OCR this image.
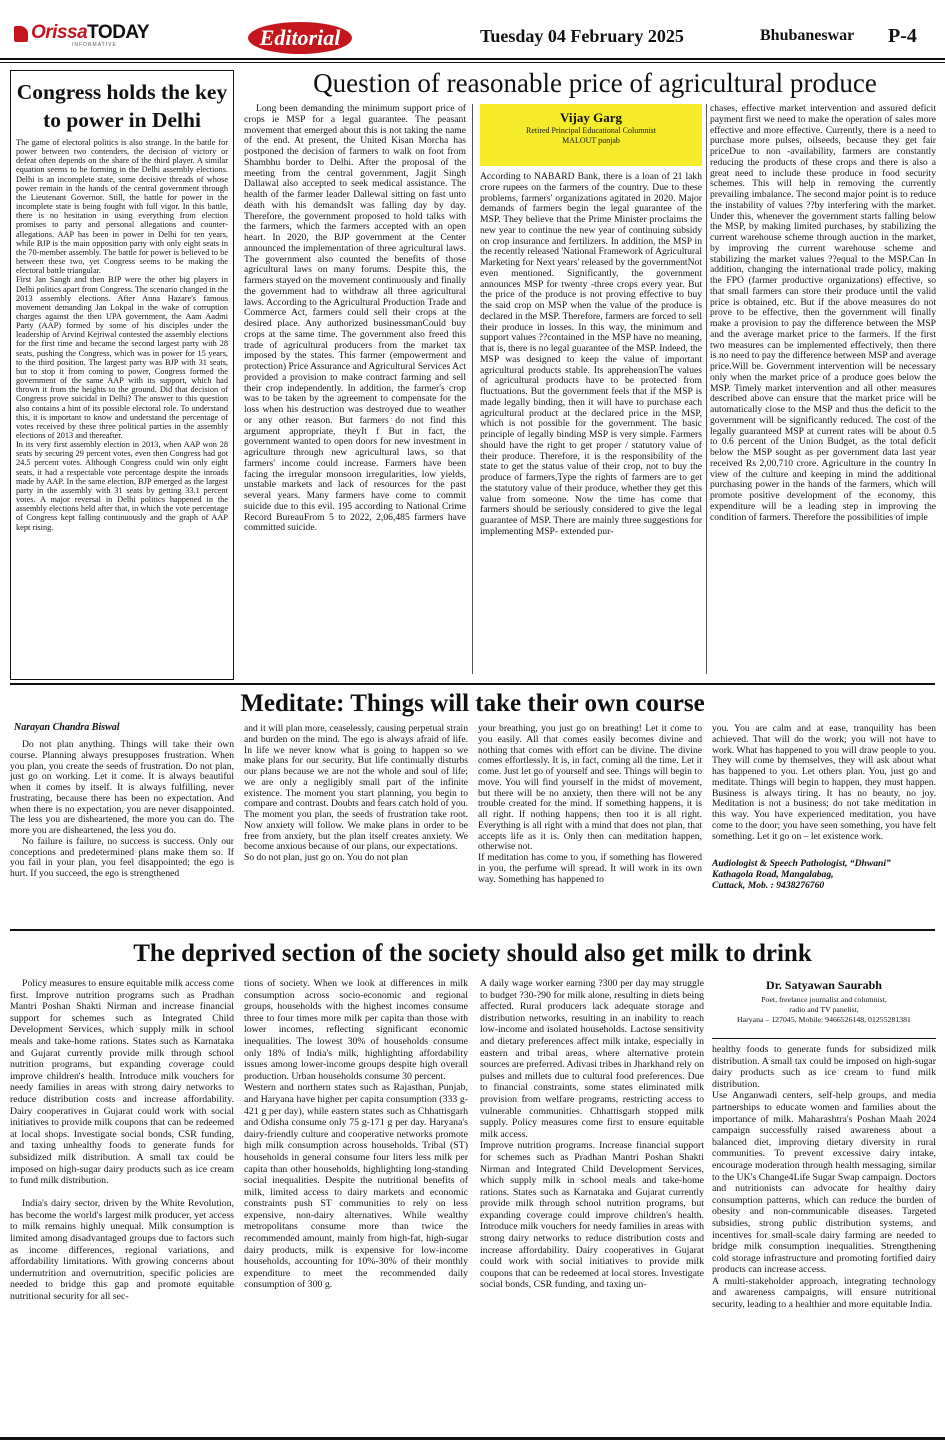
OrissaTODAY
INFORMATIVE	Editorial	Tuesday 04 February 2025	Bhubaneswar P-4
Congress holds the key to power in Delhi

The game of electoral politics is also strange. In the battle for power between two contenders, the decision of victory or defeat often depends on the share of the third player. A similar equation seems to be forming in the Delhi assembly elections. Delhi is an incomplete state, some decisive threads of whose power remain in the hands of the central government through the Lieutenant Governor. Still, the battle for power in the incomplete state is being fought with full vigor. In this battle, there is no hesitation in using everything from election promises to party and personal allegations and counter-allegations. AAP has been in power in Delhi for ten years, while BJP is the main opposition party with only eight seats in the 70-member assembly. The battle for power is believed to be between these two, yet Congress seems to be making the electoral battle triangular.

First Jan Sangh and then BJP were the other big players in Delhi politics apart from Congress. The scenario changed in the 2013 assembly elections. After Anna Hazare's famous movement demanding Jan Lokpal in the wake of corruption charges against the then UPA government, the Aam Aadmi Party (AAP) formed by some of his disciples under the leadership of Arvind Kejriwal contested the assembly elections for the first time and became the second largest party with 28 seats, pushing the Congress, which was in power for 15 years, to the third position. The largest party was BJP with 31 seats, but to stop it from coming to power, Congress formed the government of the same AAP with its support, which had thrown it from the heights to the ground. Did that decision of Congress prove suicidal in Delhi? The answer to this question also contains a hint of its possible electoral role. To understand this, it is important to know and understand the percentage of votes received by these three political parties in the assembly elections of 2013 and thereafter.

In its very first assembly election in 2013, when AAP won 28 seats by securing 29 percent votes, even then Congress had got 24.5 percent votes. Although Congress could win only eight seats, it had a respectable vote percentage despite the inroads made by AAP. In the same election, BJP emerged as the largest party in the assembly with 31 seats by getting 33.1 percent votes. A major reversal in Delhi politics happened in the assembly elections held after that, in which the vote percentage of Congress kept falling continuously and the graph of AAP kept rising.

Question of reasonable price of agricultural produce

Long been demanding the minimum support price of crops ie MSP for a legal guarantee. The peasant movement that emerged about this is not taking the name of the end. At present, the United Kisan Morcha has postponed the decision of farmers to walk on foot from Shambhu border to Delhi. After the proposal of the meeting from the central government, Jagjit Singh Dallawal also accepted to seek medical assistance. The health of the farmer leader Dallewal sitting on fast unto death with his demandsIt was falling day by day. Therefore, the government proposed to hold talks with the farmers, which the farmers accepted with an open heart. In 2020, the BJP government at the Center announced the implementation of three agricultural laws. The government also counted the benefits of those agricultural laws on many forums. Despite this, the farmers stayed on the movement continuously and finally the government had to withdraw all three agricultural laws. According to the Agricultural Production Trade and Commerce Act, farmers could sell their crops at the desired place. Any authorized businessmanCould buy crops at the same time. The government also freed this trade of agricultural producers from the market tax imposed by the states. This farmer (empowerment and protection) Price Assurance and Agricultural Services Act provided a provision to make contract farming and sell their crop independently. In addition, the farmer's crop was to be taken by the agreement to compensate for the loss when his destruction was destroyed due to weather or any other reason. But farmers do not find this argument appropriate, theyIt f But in fact, the government wanted to open doors for new investment in agriculture through new agricultural laws, so that farmers' income could increase. Farmers have been facing the irregular monsoon irregularities, low yields, unstable markets and lack of resources for the past several years. Many farmers have come to commit suicide due to this evil. 195 according to National Crime Record BureauFrom 5 to 2022, 2,06,485 farmers have committed suicide.

Vijay Garg
Retired Principal Educational Columnist
MALOUT punjab

According to NABARD Bank, there is a loan of 21 lakh crore rupees on the farmers of the country. Due to these problems, farmers' organizations agitated in 2020. Major demands of farmers begin the legal guarantee of the MSP. They believe that the Prime Minister proclaims the new year to continue the new year of continuing subsidy on crop insurance and fertilizers. In addition, the MSP in the recently released 'National Framework of Agricultural Marketing for Next years' released by the governmentNot even mentioned. Significantly, the government announces MSP for twenty -three crops every year. But the price of the produce is not proving effective to buy the said crop on MSP when the value of the produce is declared in the MSP. Therefore, farmers are forced to sell their produce in losses. In this way, the minimum and support values ??contained in the MSP have no meaning, that is, there is no legal guarantee of the MSP. Indeed, the MSP was designed to keep the value of important agricultural products stable. Its apprehensionThe values of agricultural products have to be protected from fluctuations. But the government feels that if the MSP is made legally binding, then it will have to purchase each agricultural product at the declared price in the MSP, which is not possible for the government. The basic principle of legally binding MSP is very simple. Farmers should have the right to get proper / statutory value of their produce. Therefore, it is the responsibility of the state to get the status value of their crop, not to buy the produce of farmers,Type the rights of farmers are to get the statutory value of their produce, whether they get this value from someone. Now the time has come that farmers should be seriously considered to give the legal guarantee of MSP. There are mainly three suggestions for implementing MSP- extended pur-

chases, effective market intervention and assured deficit payment first we need to make the operation of sales more effective and more effective. Currently, there is a need to purchase more pulses, oilseeds, because they get fair priceDue to non -availability, farmers are constantly reducing the products of these crops and there is also a great need to include these produce in food security schemes. This will help in removing the currently prevailing imbalance. The second major point is to reduce the instability of values ??by interfering with the market. Under this, whenever the government starts falling below the MSP, by making limited purchases, by stabilizing the current warehouse scheme through auction in the market, by improving the current warehouse scheme and stabilizing the market values ??equal to the MSP.Can In addition, changing the international trade policy, making the FPO (farmer productive organizations) effective, so that small farmers can store their produce until the valid price is obtained, etc. But if the above measures do not prove to be effective, then the government will finally make a provision to pay the difference between the MSP and the average market price to the farmers. If the first two measures can be implemented effectively, then there is no need to pay the difference between MSP and average price.Will be. Government intervention will be necessary only when the market price of a produce goes below the MSP. Timely market intervention and all other measures described above can ensure that the market price will be automatically close to the MSP and thus the deficit to the government will be significantly reduced. The cost of the legally guaranteed MSP at current rates will be about 0.5 to 0.6 percent of the Union Budget, as the total deficit below the MSP sought as per government data last year received Rs 2,00,710 crore. Agriculture in the country In view of the culture and keeping in mind the additional purchasing power in the hands of the farmers, which will promote positive development of the economy, this expenditure will be a leading step in improving the condition of farmers. Therefore the possibilities of imple

Meditate: Things will take their own course
Narayan Chandra Biswal

Do not plan anything. Things will take their own course. Planning always presupposes frustration. When you plan, you create the seeds of frustration. Do not plan, just go on working. Let it come. It is always beautiful when it comes by itself. It is always fulfilling, never frustrating, because there has been no expectation. And when there is no expectation, you are never disappointed. The less you are disheartened, the more you can do. The more you are disheartened, the less you do.

No failure is failure, no success is success. Only our conceptions and predetermined plans make them so. If you fail in your plan, you feel disappointed; the ego is hurt. If you succeed, the ego is strengthened

and it will plan more, ceaselessly, causing perpetual strain and burden on the mind. The ego is always afraid of life. In life we never know what is going to happen so we make plans for our security. But life continually disturbs our plans because we are not the whole and soul of life; we are only a negligibly small part of the infinite existence. The moment you start planning, you begin to compare and contrast. Doubts and fears catch hold of you. The moment you plan, the seeds of frustration take root. Now anxiety will follow. We make plans in order to be free from anxiety, but the plan itself creates anxiety. We become anxious because of our plans, our expectations.

So do not plan, just go on. You do not plan

your breathing, you just go on breathing! Let it come to you easily. All that comes easily becomes divine and nothing that comes with effort can be divine. The divine comes effortlessly. It is, in fact, coming all the time. Let it come. Just let go of yourself and see. Things will begin to move. You will find yourself in the midst of movement, but there will be no anxiety, then there will not be any trouble created for the mind. If something happens, it is all right. If nothing happens, then too it is all right. Everything is all right with a mind that does not plan, that accepts life as it is. Only then can meditation happen, otherwise not.

If meditation has come to you, if something has flowered in you, the perfume will spread. It will work in its own way. Something has happened to

you. You are calm and at ease, tranquility has been achieved. That will do the work; you will not have to work. What has happened to you will draw people to you. They will come by themselves, they will ask about what has happened to you. Let others plan. You, just go and meditate. Things will begin to happen, they must happen. Business is always tiring. It has no beauty, no joy. Meditation is not a business; do not take meditation in this way. You have experienced meditation, you have come to the door; you have seen something, you have felt something. Let it go on – let existence work.

Audiologist & Speech Pathologist, “Dhwani”
Kathagola Road, Mangalabag,
Cuttack, Mob. : 9438276760
The deprived section of the society should also get milk to drink

Policy measures to ensure equitable milk access come first. Improve nutrition programs such as Pradhan Mantri Poshan Shakti Nirman and increase financial support for schemes such as Integrated Child Development Services, which supply milk in school meals and take-home rations. States such as Karnataka and Gujarat currently provide milk through school nutrition programs, but expanding coverage could improve children's health. Introduce milk vouchers for needy families in areas with strong dairy networks to reduce distribution costs and increase affordability. Dairy cooperatives in Gujarat could work with social initiatives to provide milk coupons that can be redeemed at local shops. Investigate social bonds, CSR funding, and taxing unhealthy foods to generate funds for subsidized milk distribution. A small tax could be imposed on high-sugar dairy products such as ice cream to fund milk distribution.

India's dairy sector, driven by the White Revolution, has become the world's largest milk producer, yet access to milk remains highly unequal. Milk consumption is limited among disadvantaged groups due to factors such as income differences, regional variations, and affordability limitations. With growing concerns about undernutrition and overnutrition, specific policies are needed to bridge this gap and promote equitable nutritional security for all sec-

tions of society. When we look at differences in milk consumption across socio-economic and regional groups, households with the highest incomes consume three to four times more milk per capita than those with lower incomes, reflecting significant economic inequalities. The lowest 30% of households consume only 18% of India's milk, highlighting affordability issues among lower-income groups despite high overall production. Urban households consume 30 percent.

Western and northern states such as Rajasthan, Punjab, and Haryana have higher per capita consumption (333 g-421 g per day), while eastern states such as Chhattisgarh and Odisha consume only 75 g-171 g per day. Haryana's dairy-friendly culture and cooperative networks promote high milk consumption across households. Tribal (ST) households in general consume four liters less milk per capita than other households, highlighting long-standing social inequalities. Despite the nutritional benefits of milk, limited access to dairy markets and economic constraints push ST communities to rely on less expensive, non-dairy alternatives. While wealthy metropolitans consume more than twice the recommended amount, mainly from high-fat, high-sugar dairy products, milk is expensive for low-income households, accounting for 10%-30% of their monthly expenditure to meet the recommended daily consumption of 300 g.

A daily wage worker earning ?300 per day may struggle to budget ?30-?90 for milk alone, resulting in diets being affected. Rural producers lack adequate storage and distribution networks, resulting in an inability to reach low-income and isolated households. Lactose sensitivity and dietary preferences affect milk intake, especially in eastern and tribal areas, where alternative protein sources are preferred. Adivasi tribes in Jharkhand rely on pulses and millets due to cultural food preferences. Due to financial constraints, some states eliminated milk provision from welfare programs, restricting access to vulnerable communities. Chhattisgarh stopped milk supply. Policy measures come first to ensure equitable milk access.

Improve nutrition programs. Increase financial support for schemes such as Pradhan Mantri Poshan Shakti Nirman and Integrated Child Development Services, which supply milk in school meals and take-home rations. States such as Karnataka and Gujarat currently provide milk through school nutrition programs, but expanding coverage could improve children's health. Introduce milk vouchers for needy families in areas with strong dairy networks to reduce distribution costs and increase affordability. Dairy cooperatives in Gujarat could work with social initiatives to provide milk coupons that can be redeemed at local stores. Investigate social bonds, CSR funding, and taxing un-

Dr. Satyawan Saurabh
Poet, freelance journalist and columnist,
radio and TV panelist,
Haryana – 127045, Mobile: 9466526148, 01255281381

healthy foods to generate funds for subsidized milk distribution. A small tax could be imposed on high-sugar dairy products such as ice cream to fund milk distribution.

Use Anganwadi centers, self-help groups, and media partnerships to educate women and families about the importance of milk. Maharashtra's Poshan Maah 2024 campaign successfully raised awareness about a balanced diet, improving dietary diversity in rural communities. To prevent excessive dairy intake, encourage moderation through health messaging, similar to the UK's Change4Life Sugar Swap campaign. Doctors and nutritionists can advocate for healthy dairy consumption patterns, which can reduce the burden of obesity and non-communicable diseases. Targeted subsidies, strong public distribution systems, and incentives for small-scale dairy farming are needed to bridge milk consumption inequalities. Strengthening cold storage infrastructure and promoting fortified dairy products can increase access.

A multi-stakeholder approach, integrating technology and awareness campaigns, will ensure nutritional security, leading to a healthier and more equitable India.
